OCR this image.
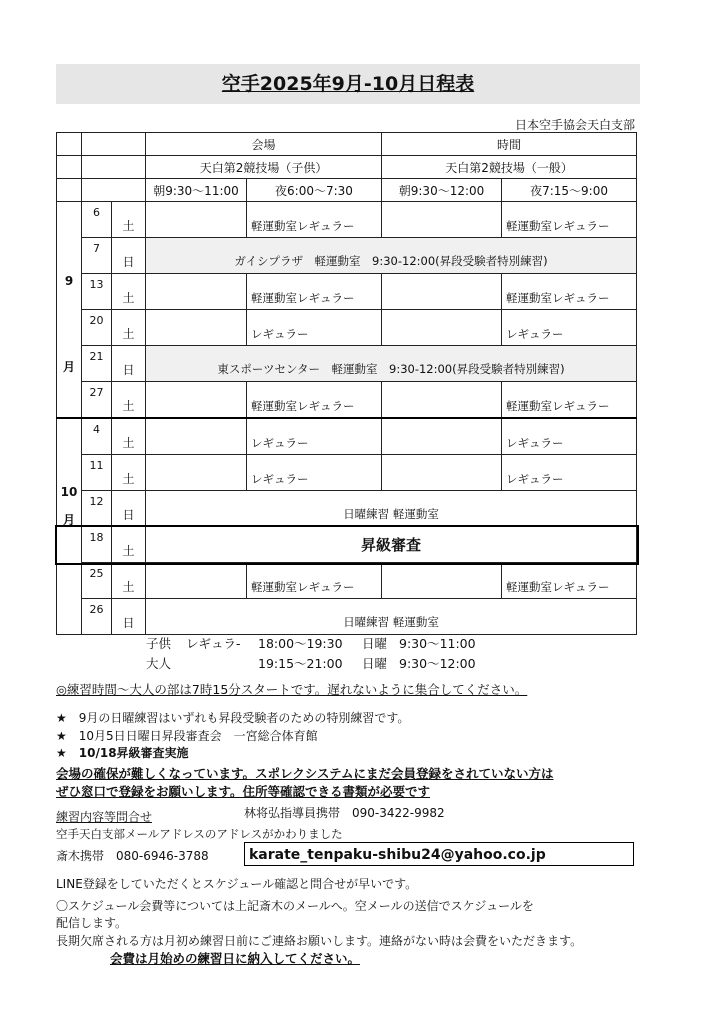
空手2025年9月-10月日程表
日本空手協会天白支部
			会場		時間	
			天白第2競技場（子供）		天白第2競技場（一般）	
			朝9:30～11:00	夜6:00～7:30	朝9:30～12:00	夜7:15～9:00

9
月	6	土		軽運動室レギュラー		軽運動室レギュラー
	7	日	ガイシプラザ　軽運動室　9:30-12:00(昇段受験者特別練習)			
	13	土		軽運動室レギュラー		軽運動室レギュラー
	20	土		レギュラー		レギュラー
	21	日	東スポーツセンター　軽運動室　9:30-12:00(昇段受験者特別練習)			
	27	土		軽運動室レギュラー		軽運動室レギュラー

10
月	4	土		レギュラー		レギュラー
	11	土		レギュラー		レギュラー
	12	日	日曜練習 軽運動室			
	18	土	昇級審査			
	25	土		軽運動室レギュラー		軽運動室レギュラー
	26	日	日曜練習 軽運動室			
子供 レギュラ- 18:00～19:30 日曜 9:30～11:00
大人	19:15～21:00 日曜 9:30～12:00
◎練習時間～大人の部は7時15分スタートです。遅れないように集合してください。
★　9月の日曜練習はいずれも昇段受験者のための特別練習です。
★　10月5日日曜日昇段審査会　一宮総合体育館
★　10/18昇級審査実施
会場の確保が難しくなっています。スポレクシステムにまだ会員登録をされていない方は
ぜひ窓口で登録をお願いします。住所等確認できる書類が必要です
練習内容等問合せ	林将弘指導員携帯　090-3422-9982
空手天白支部メールアドレスのアドレスがかわりました
斎木携帯　080-6946-3788	karate_tenpaku-shibu24@yahoo.co.jp
LINE登録をしていただくとスケジュール確認と問合せが早いです。
〇スケジュール会費等については上記斎木のメールへ。空メールの送信でスケジュールを
配信します。
長期欠席される方は月初め練習日前にご連絡お願いします。連絡がない時は会費をいただきます。
会費は月始めの練習日に納入してください。
